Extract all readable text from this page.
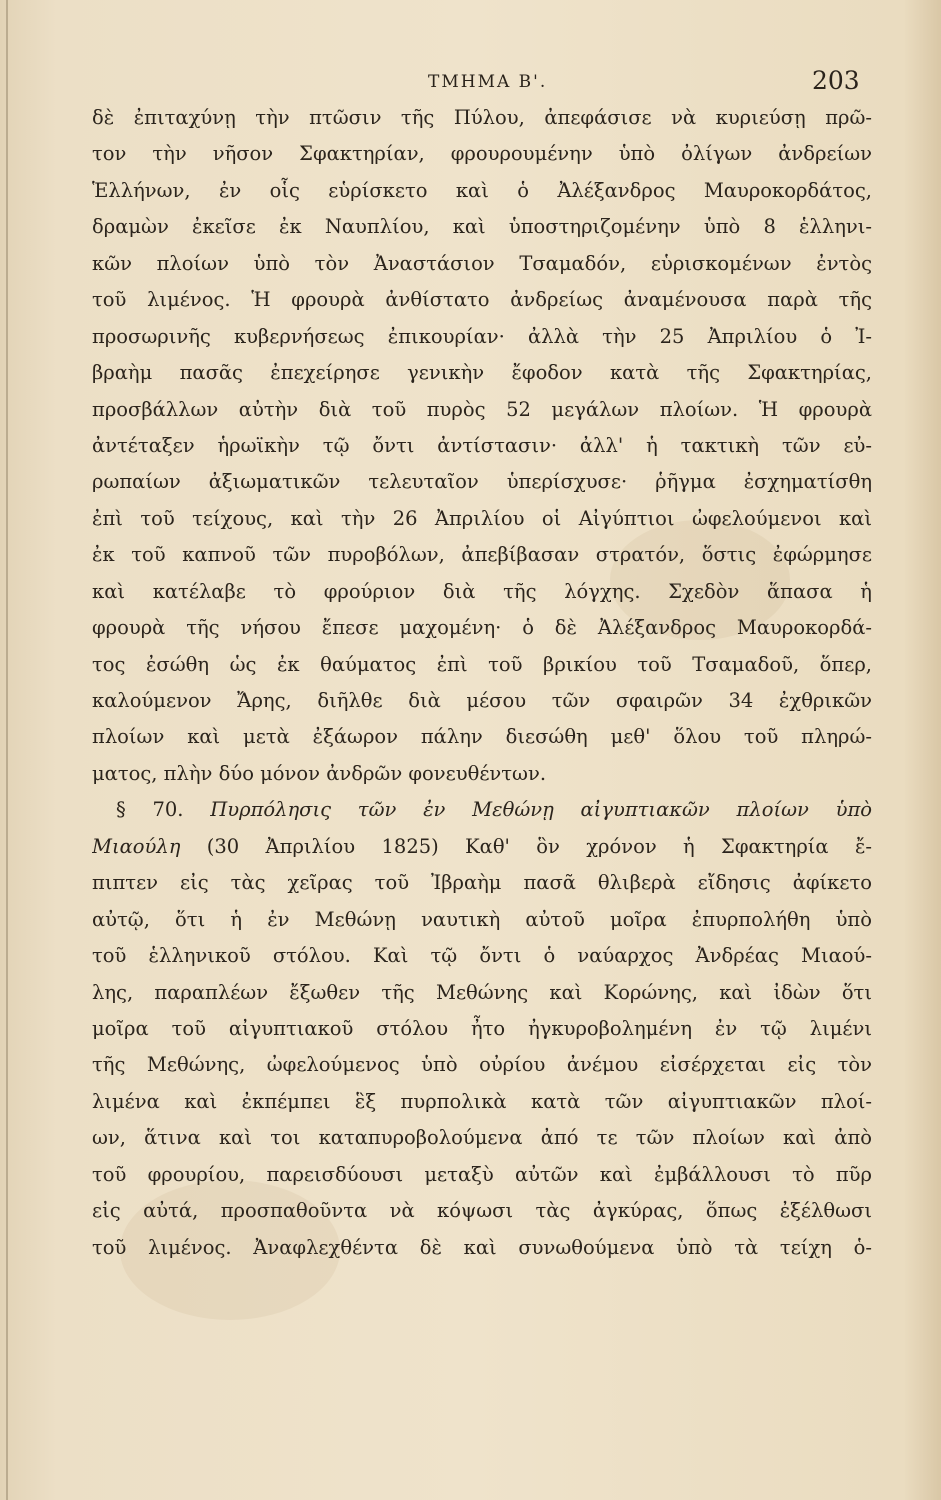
ΤΜΗΜΑ Β'.	203
δὲ ἐπιταχύνῃ τὴν πτῶσιν τῆς Πύλου, ἀπεφάσισε νὰ κυριεύσῃ πρῶ-
τον τὴν νῆσον Σφακτηρίαν, φρουρουμένην ὑπὸ ὀλίγων ἀνδρείων
Ἑλλήνων, ἐν οἷς εὑρίσκετο καὶ ὁ Ἀλέξανδρος Μαυροκορδάτος,
δραμὼν ἐκεῖσε ἐκ Ναυπλίου, καὶ ὑποστηριζομένην ὑπὸ 8 ἑλληνι-
κῶν πλοίων ὑπὸ τὸν Ἀναστάσιον Τσαμαδόν, εὑρισκομένων ἐντὸς
τοῦ λιμένος. Ἡ φρουρὰ ἀνθίστατο ἀνδρείως ἀναμένουσα παρὰ τῆς
προσωρινῆς κυβερνήσεως ἐπικουρίαν· ἀλλὰ τὴν 25 Ἀπριλίου ὁ Ἰ-
βραὴμ πασᾶς ἐπεχείρησε γενικὴν ἔφοδον κατὰ τῆς Σφακτηρίας,
προσβάλλων αὐτὴν διὰ τοῦ πυρὸς 52 μεγάλων πλοίων. Ἡ φρουρὰ
ἀντέταξεν ἡρωϊκὴν τῷ ὄντι ἀντίστασιν· ἀλλ' ἡ τακτικὴ τῶν εὐ-
ρωπαίων ἀξιωματικῶν τελευταῖον ὑπερίσχυσε· ῥῆγμα ἐσχηματίσθη
ἐπὶ τοῦ τείχους, καὶ τὴν 26 Ἀπριλίου οἱ Αἰγύπτιοι ὠφελούμενοι καὶ
ἐκ τοῦ καπνοῦ τῶν πυροβόλων, ἀπεβίβασαν στρατόν, ὅστις ἐφώρμησε
καὶ κατέλαβε τὸ φρούριον διὰ τῆς λόγχης. Σχεδὸν ἅπασα ἡ
φρουρὰ τῆς νήσου ἔπεσε μαχομένη· ὁ δὲ Ἀλέξανδρος Μαυροκορδά-
τος ἐσώθη ὡς ἐκ θαύματος ἐπὶ τοῦ βρικίου τοῦ Τσαμαδοῦ, ὅπερ,
καλούμενον Ἄρης, διῆλθε διὰ μέσου τῶν σφαιρῶν 34 ἐχθρικῶν
πλοίων καὶ μετὰ ἐξάωρον πάλην διεσώθη μεθ' ὅλου τοῦ πληρώ-
ματος, πλὴν δύο μόνον ἀνδρῶν φονευθέντων.
§ 70. Πυρπόλησις τῶν ἐν Μεθώνῃ αἰγυπτιακῶν πλοίων ὑπὸ
Μιαούλη (30 Ἀπριλίου 1825) Καθ' ὃν χρόνον ἡ Σφακτηρία ἔ-
πιπτεν εἰς τὰς χεῖρας τοῦ Ἰβραὴμ πασᾶ θλιβερὰ εἴδησις ἀφίκετο
αὐτῷ, ὅτι ἡ ἐν Μεθώνῃ ναυτικὴ αὐτοῦ μοῖρα ἐπυρπολήθη ὑπὸ
τοῦ ἑλληνικοῦ στόλου. Καὶ τῷ ὄντι ὁ ναύαρχος Ἀνδρέας Μιαού-
λης, παραπλέων ἔξωθεν τῆς Μεθώνης καὶ Κορώνης, καὶ ἰδὼν ὅτι
μοῖρα τοῦ αἰγυπτιακοῦ στόλου ἦτο ἠγκυροβολημένη ἐν τῷ λιμένι
τῆς Μεθώνης, ὠφελούμενος ὑπὸ οὐρίου ἀνέμου εἰσέρχεται εἰς τὸν
λιμένα καὶ ἐκπέμπει ἓξ πυρπολικὰ κατὰ τῶν αἰγυπτιακῶν πλοί-
ων, ἅτινα καὶ τοι καταπυροβολούμενα ἀπό τε τῶν πλοίων καὶ ἀπὸ
τοῦ φρουρίου, παρεισδύουσι μεταξὺ αὐτῶν καὶ ἐμβάλλουσι τὸ πῦρ
εἰς αὐτά, προσπαθοῦντα νὰ κόψωσι τὰς ἀγκύρας, ὅπως ἐξέλθωσι
τοῦ λιμένος. Ἀναφλεχθέντα δὲ καὶ συνωθούμενα ὑπὸ τὰ τείχη ὁ-
